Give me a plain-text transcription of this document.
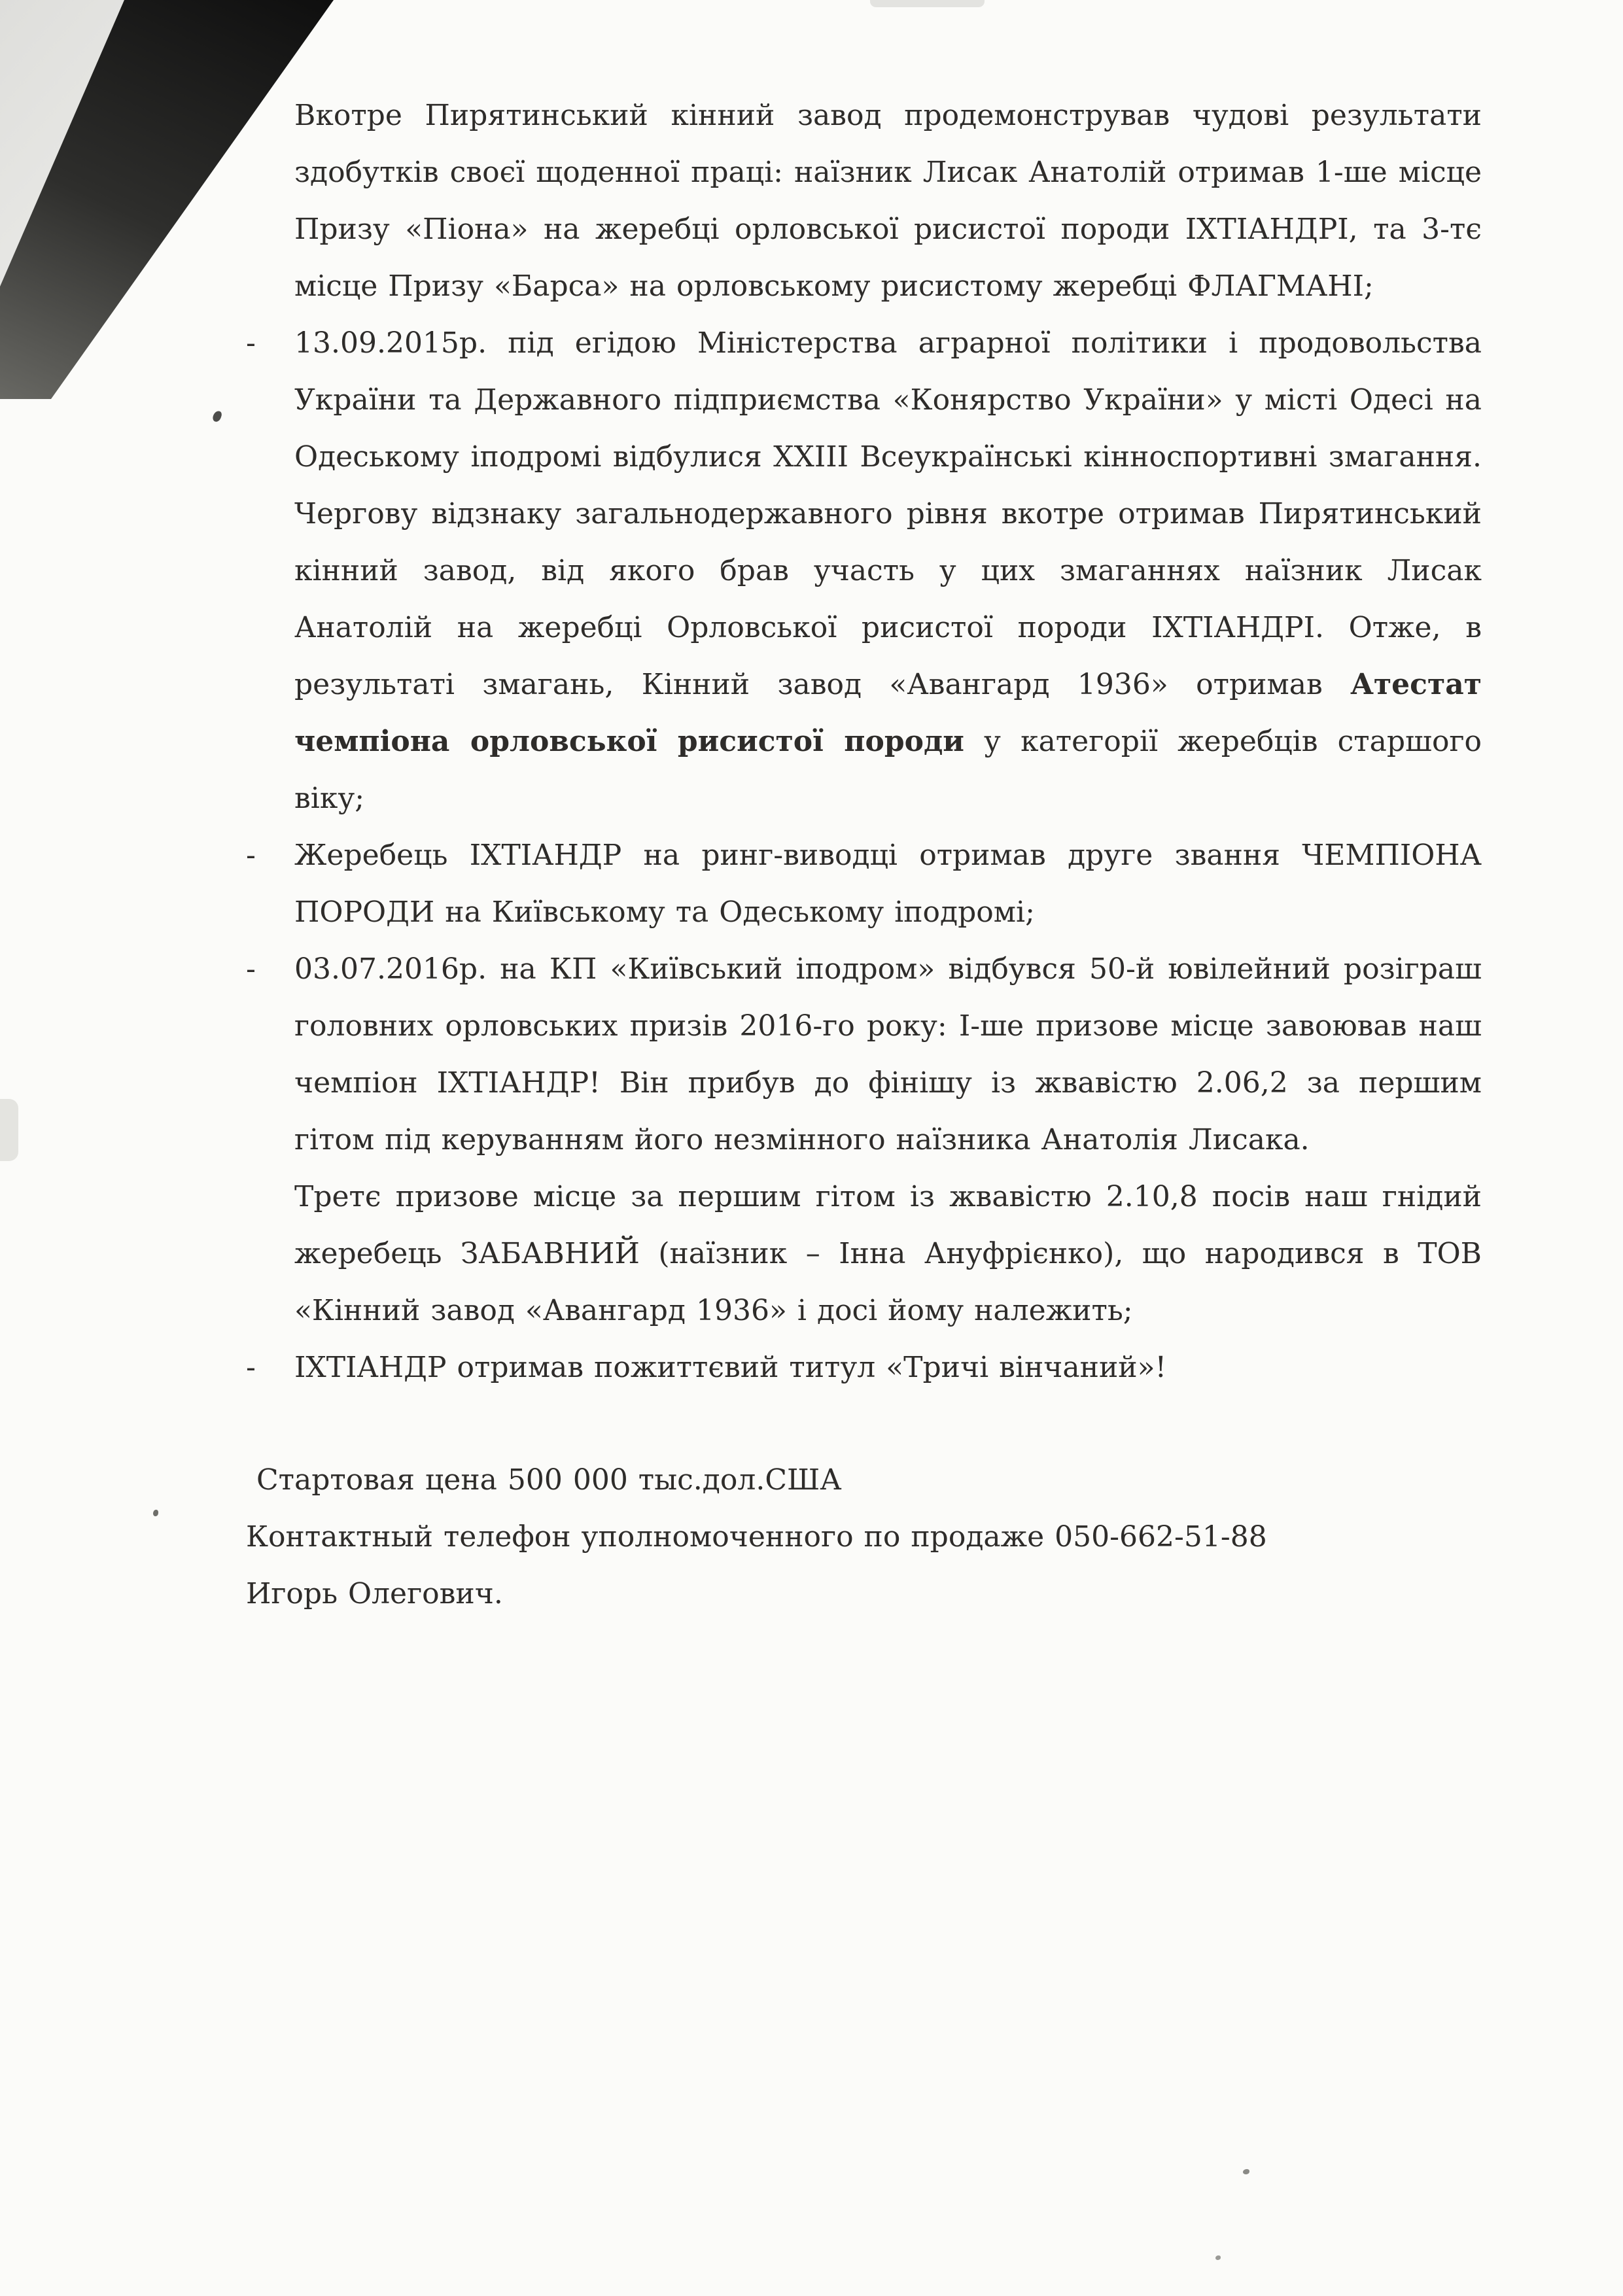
Вкотре Пирятинський кінний завод продемонстрував чудові результати здобутків своєї щоденної праці: наїзник Лисак Анатолій отримав 1-ше місце Призу «Піона» на жеребці орловської рисистої породи ІХТІАНДРІ, та 3-тє місце Призу «Барса» на орловському рисистому жеребці ФЛАГМАНІ;

- 13.09.2015р. під егідою Міністерства аграрної політики і продовольства України та Державного підприємства «Конярство України» у місті Одесі на Одеському іподромі відбулися XXIII Всеукраїнські кінноспортивні змагання. Чергову відзнаку загальнодержавного рівня вкотре отримав Пирятинський кінний завод, від якого брав участь у цих змаганнях наїзник Лисак Анатолій на жеребці Орловської рисистої породи ІХТІАНДРІ. Отже, в результаті змагань, Кінний завод «Авангард 1936» отримав Атестат чемпіона орловської рисистої породи у категорії жеребців старшого віку;

- Жеребець ІХТІАНДР на ринг-виводці отримав друге звання ЧЕМПІОНА ПОРОДИ на Київському та Одеському іподромі;

- 03.07.2016р. на КП «Київський іподром» відбувся 50-й ювілейний розіграш головних орловських призів 2016-го року: І-ше призове місце завоював наш чемпіон ІХТІАНДР! Він прибув до фінішу із жвавістю 2.06,2 за першим гітом під керуванням його незмінного наїзника Анатолія Лисака.

Третє призове місце за першим гітом із жвавістю 2.10,8 посів наш гнідий жеребець ЗАБАВНИЙ (наїзник – Інна Ануфрієнко), що народився в ТОВ «Кінний завод «Авангард 1936» і досі йому належить;

- ІХТІАНДР отримав пожиттєвий титул «Тричі вінчаний»!

Стартовая цена 500 000 тыс.дол.США

Контактный телефон уполномоченного по продаже 050-662-51-88

Игорь Олегович.
